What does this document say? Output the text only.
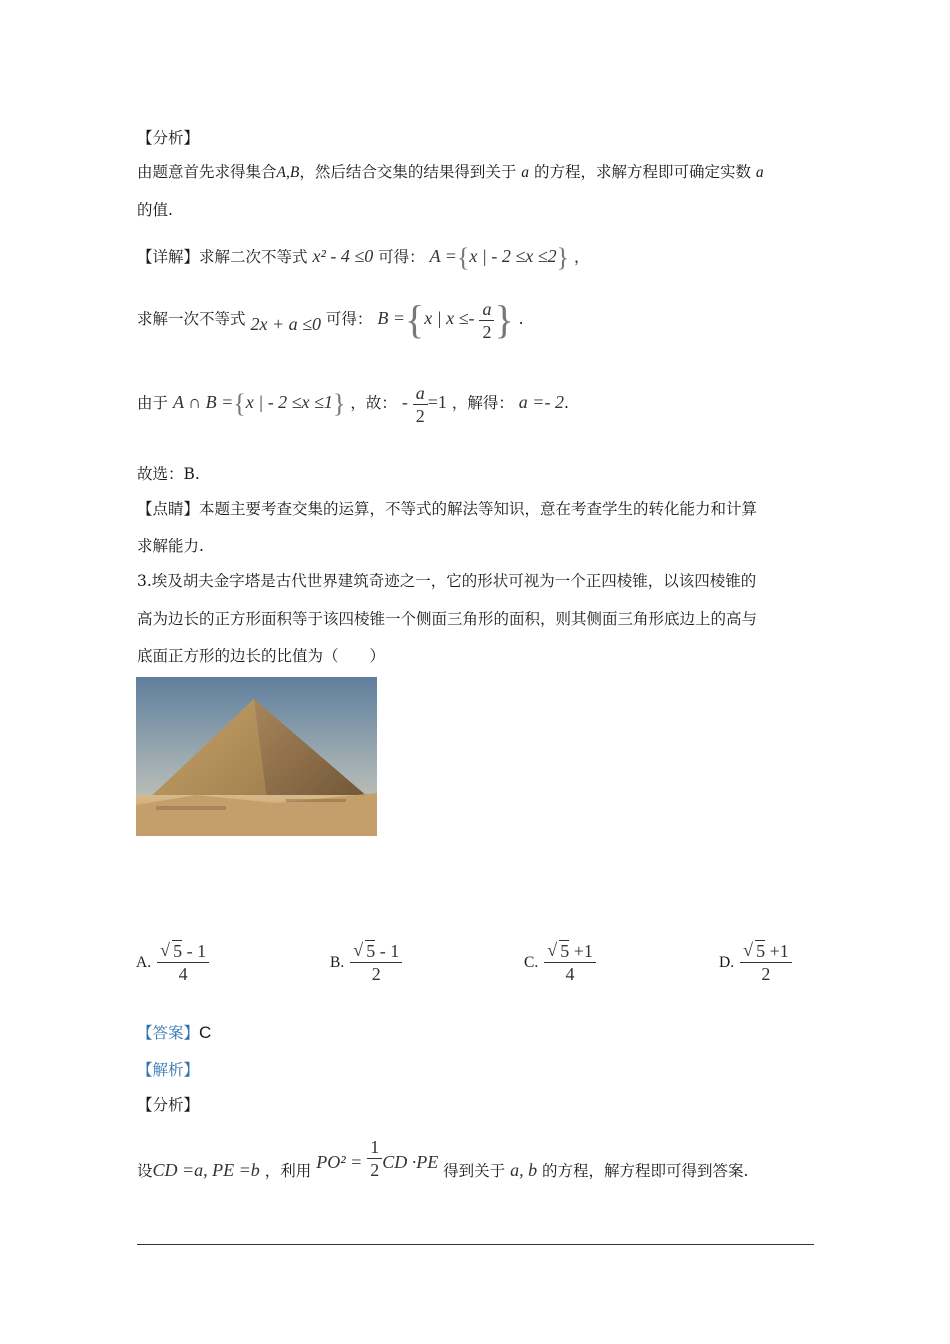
【分析】
由题意首先求得集合A,B，然后结合交集的结果得到关于 a 的方程，求解方程即可确定实数 a
的值.
【详解】求解二次不等式 x² - 4 ≤0 可得： A ={x | - 2 ≤x ≤2} ，
求解一次不等式 2x + a ≤0 可得： B ={x | $x \le- \frac{a}{2}$ } .
由于 A ∩ B ={x | - 2 ≤x ≤1} ，故： - $\frac{a}{2} =1$ ，解得： a =- 2.
故选：B.
【点睛】本题主要考查交集的运算，不等式的解法等知识，意在考查学生的转化能力和计算
求解能力.
3.埃及胡夫金字塔是古代世界建筑奇迹之一，它的形状可视为一个正四棱锥，以该四棱锥的
高为边长的正方形面积等于该四棱锥一个侧面三角形的面积，则其侧面三角形底边上的高与
底面正方形的边长的比值为（　　）
A. √ $\frac{5 - 1}{4}$	B. √ $\frac{5 - 1}{2}$	C. √ $\frac{5 +1}{4}$	D. √ $\frac{5 +1}{2}$
【答案】C
【解析】
【分析】
设CD =a, PE =b ，利用 $PO^2 = \frac{1}{2}$ CD ·PE 得到关于 a, b 的方程，解方程即可得到答案.
